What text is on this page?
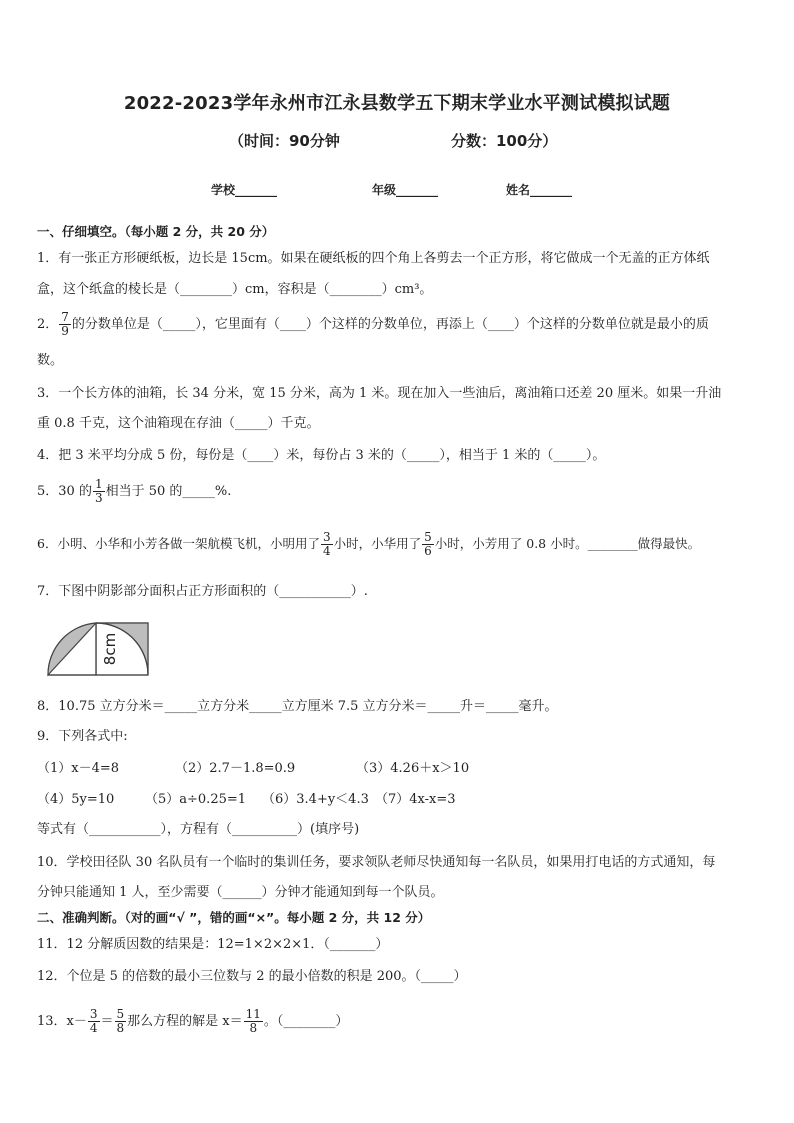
2022-2023学年永州市江永县数学五下期末学业水平测试模拟试题
（时间：90分钟	分数：100分）
学校_______	年级_______	姓名_______
一、仔细填空。（每小题 2 分，共 20 分）
1．有一张正方形硬纸板，边长是 15cm。如果在硬纸板的四个角上各剪去一个正方形，将它做成一个无盖的正方体纸
盒，这个纸盒的棱长是（________）cm，容积是（________）cm³。
2． $\frac{7}{9}$ 的分数单位是（_____），它里面有（____）个这样的分数单位，再添上（____）个这样的分数单位就是最小的质
数。
3．一个长方体的油箱，长 34 分米，宽 15 分米，高为 1 米。现在加入一些油后，离油箱口还差 20 厘米。如果一升油
重 0.8 千克，这个油箱现在存油（_____）千克。
4．把 3 米平均分成 5 份，每份是（____）米，每份占 3 米的（_____），相当于 1 米的（_____）。
5．30 的 $\frac{1}{3}$ 相当于 50 的_____%.
6．小明、小华和小芳各做一架航模飞机，小明用了 $\frac{3}{4}$ 小时，小华用了 $\frac{5}{6}$ 小时，小芳用了 0.8 小时。________做得最快。
7．下图中阴影部分面积占正方形面积的（___________）.
8cm
8．10.75 立方分米＝_____立方分米_____立方厘米 7.5 立方分米＝_____升＝_____毫升。
9．下列各式中:
（1）x－4=8	（2）2.7－1.8=0.9	（3）4.26＋x＞10
（4）5y=10 （5）a÷0.25=1 （6）3.4+y＜4.3 （7）4x-x=3
等式有（___________），方程有（__________）(填序号)
10．学校田径队 30 名队员有一个临时的集训任务，要求领队老师尽快通知每一名队员，如果用打电话的方式通知，每
分钟只能通知 1 人，至少需要（______）分钟才能通知到每一个队员。
二、准确判断。（对的画“√ ”，错的画“×”。每小题 2 分，共 12 分）
11．12 分解质因数的结果是：12=1×2×2×1．（_______）
12．个位是 5 的倍数的最小三位数与 2 的最小倍数的积是 200。（_____）
13．$x- \frac{3}{4} = \frac{5}{8}$ 那么方程的解是 $x= \frac{11}{8}$ 。（________）
